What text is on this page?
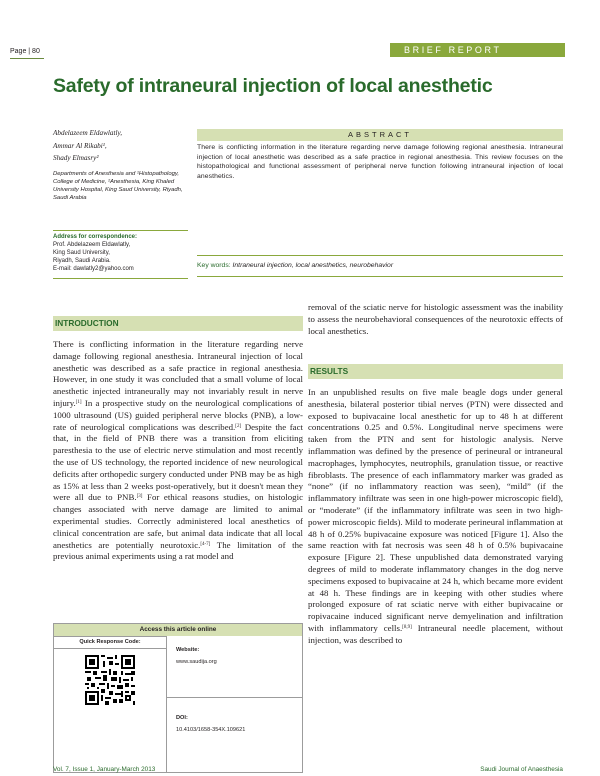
Page | 80	BRIEF REPORT
Safety of intraneural injection of local anesthetic
Abdelazeem Eldawlatly,
Ammar Al Rikabi¹,
Shady Elmasry²
Departments of Anesthesia and ¹Histopathology, College of Medicine, ²Anesthesia, King Khaled University Hospital, King Saud University, Riyadh, Saudi Arabia
Address for correspondence:
Prof. Abdelazeem Eldawlatly,
King Saud University,
Riyadh, Saudi Arabia.
E-mail: dawlatly2@yahoo.com
ABSTRACT
There is conflicting information in the literature regarding nerve damage following regional anesthesia. Intraneural injection of local anesthetic was described as a safe practice in regional anesthesia. This review focuses on the histopathological and functional assessment of peripheral nerve function following intraneural injection of local anesthetics.
Key words: Intraneural injection, local anesthetics, neurobehavior
INTRODUCTION

There is conflicting information in the literature regarding nerve damage following regional anesthesia. Intraneural injection of local anesthetic was described as a safe practice in regional anesthesia. However, in one study it was concluded that a small volume of local anesthetic injected intraneurally may not invariably result in nerve injury.[1] In a prospective study on the neurological complications of 1000 ultrasound (US) guided peripheral nerve blocks (PNB), a low-rate of neurological complications was described.[2] Despite the fact that, in the field of PNB there was a transition from eliciting paresthesia to the use of electric nerve stimulation and most recently the use of US technology, the reported incidence of new neurological deficits after orthopedic surgery conducted under PNB may be as high as 15% at less than 2 weeks post-operatively, but it doesn't mean they were all due to PNB.[3] For ethical reasons studies, on histologic changes associated with nerve damage are limited to animal experimental studies. Correctly administered local anesthetics of clinical concentration are safe, but animal data indicate that all local anesthetics are potentially neurotoxic.[4-7] The limitation of the previous animal experiments using a rat model and

removal of the sciatic nerve for histologic assessment was the inability to assess the neurobehavioral consequences of the neurotoxic effects of local anesthetics.
RESULTS

In an unpublished results on five male beagle dogs under general anesthesia, bilateral posterior tibial nerves (PTN) were dissected and exposed to bupivacaine local anesthetic for up to 48 h at different concentrations 0.25 and 0.5%. Longitudinal nerve specimens were taken from the PTN and sent for histologic analysis. Nerve inflammation was defined by the presence of perineural or intraneural macrophages, lymphocytes, neutrophils, granulation tissue, or reactive fibroblasts. The presence of each inflammatory marker was graded as “none” (if no inflammatory reaction was seen), “mild” (if the inflammatory infiltrate was seen in one high-power microscopic field), or “moderate” (if the inflammatory infiltrate was seen in two high-power microscopic fields). Mild to moderate perineural inflammation at 48 h of 0.25% bupivacaine exposure was noticed [Figure 1]. Also the same reaction with fat necrosis was seen 48 h of 0.5% bupivacaine exposure [Figure 2]. These unpublished data demonstrated varying degrees of mild to moderate inflammatory changes in the dog nerve specimens exposed to bupivacaine at 24 h, which became more evident at 48 h. These findings are in keeping with other studies where prolonged exposure of rat sciatic nerve with either bupivacaine or ropivacaine induced significant nerve demyelination and infiltration with inflammatory cells.[8,9] Intraneural needle placement, without injection, was described to

Access this article online
Quick Response Code:
Website:
www.saudija.org
DOI:
10.4103/1658-354X.109621
Vol. 7, Issue 1, January-March 2013	Saudi Journal of Anaesthesia
